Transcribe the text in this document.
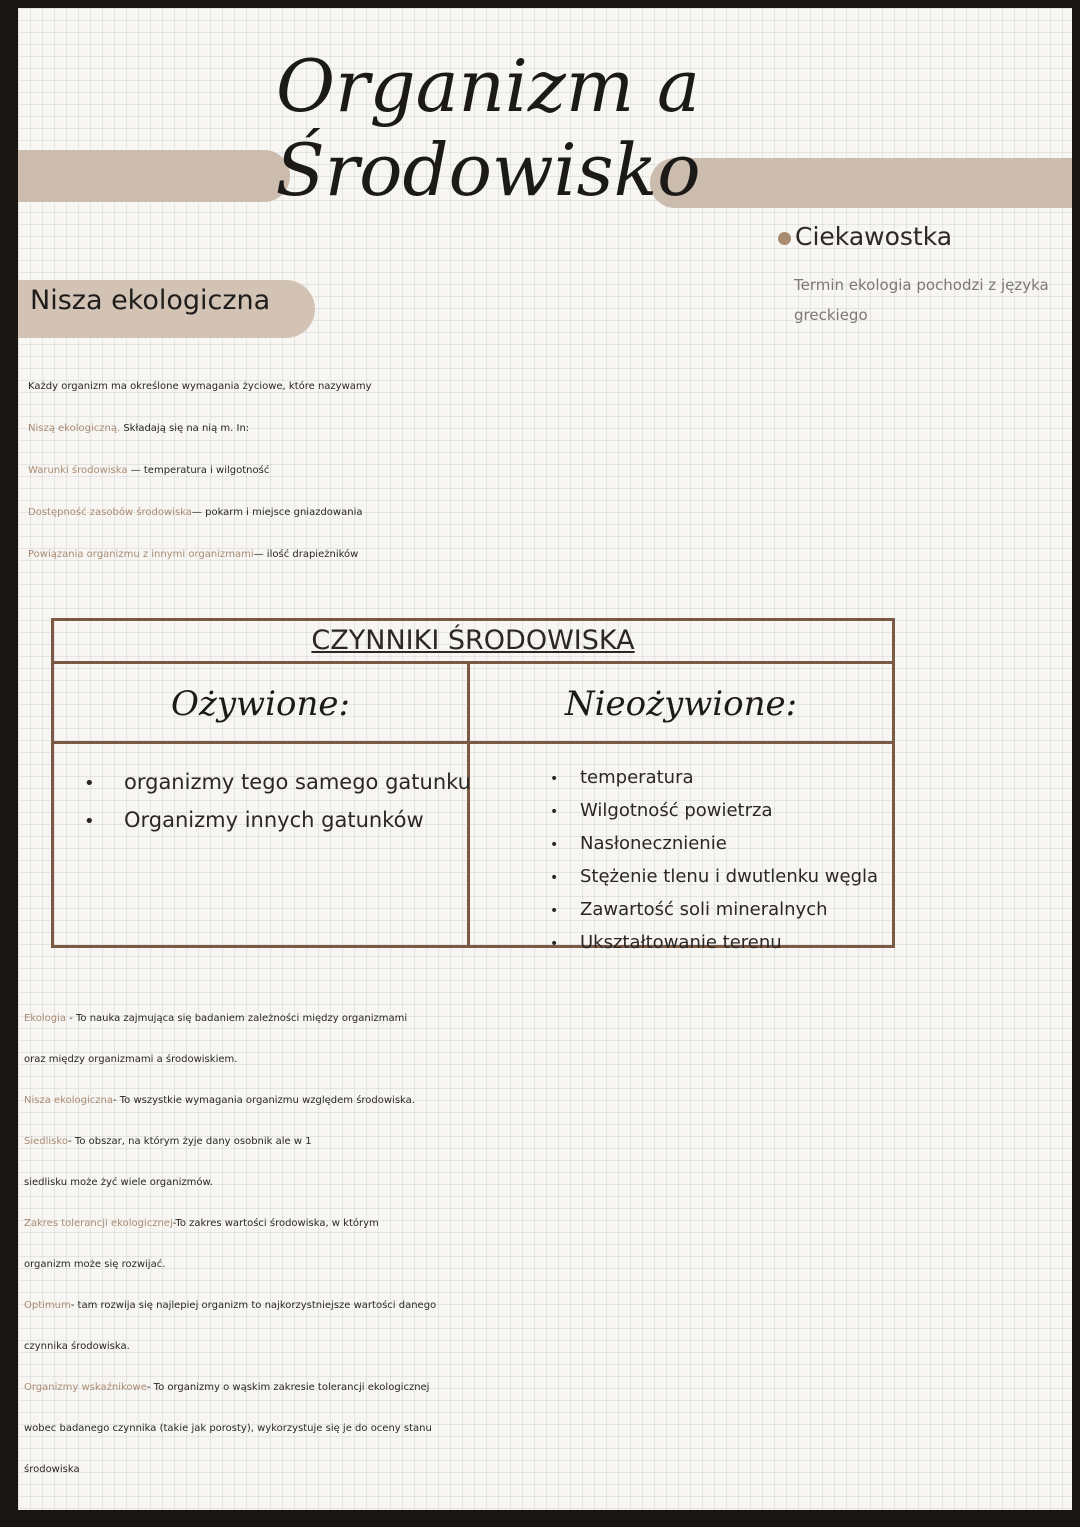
Organizm a
Środowisko
Ciekawostka
Termin ekologia pochodzi z języka greckiego
Nisza ekologiczna
Każdy organizm ma określone wymagania życiowe, które nazywamy
Niszą ekologiczną. Składają się na nią m. In:
Warunki środowiska — temperatura i wilgotność
Dostępność zasobów środowiska— pokarm i miejsce gniazdowania
Powiązania organizmu z innymi organizmami— ilość drapieżników
CZYNNIKI ŚRODOWISKA
Ożywione:
• organizmy tego samego gatunku
• Organizmy innych gatunków
Nieożywione:
• temperatura
• Wilgotność powietrza
• Nasłonecznienie
• Stężenie tlenu i dwutlenku węgla
• Zawartość soli mineralnych
• Ukształtowanie terenu
Ekologia - To nauka zajmująca się badaniem zależności między organizmami
oraz między organizmami a środowiskiem.
Nisza ekologiczna- To wszystkie wymagania organizmu względem środowiska.
Siedlisko- To obszar, na którym żyje dany osobnik ale w 1
siedlisku może żyć wiele organizmów.
Zakres tolerancji ekologicznej-To zakres wartości środowiska, w którym
organizm może się rozwijać.
Optimum- tam rozwija się najlepiej organizm to najkorzystniejsze wartości danego
czynnika środowiska.
Organizmy wskaźnikowe- To organizmy o wąskim zakresie tolerancji ekologicznej
wobec badanego czynnika (takie jak porosty), wykorzystuje się je do oceny stanu
środowiska
